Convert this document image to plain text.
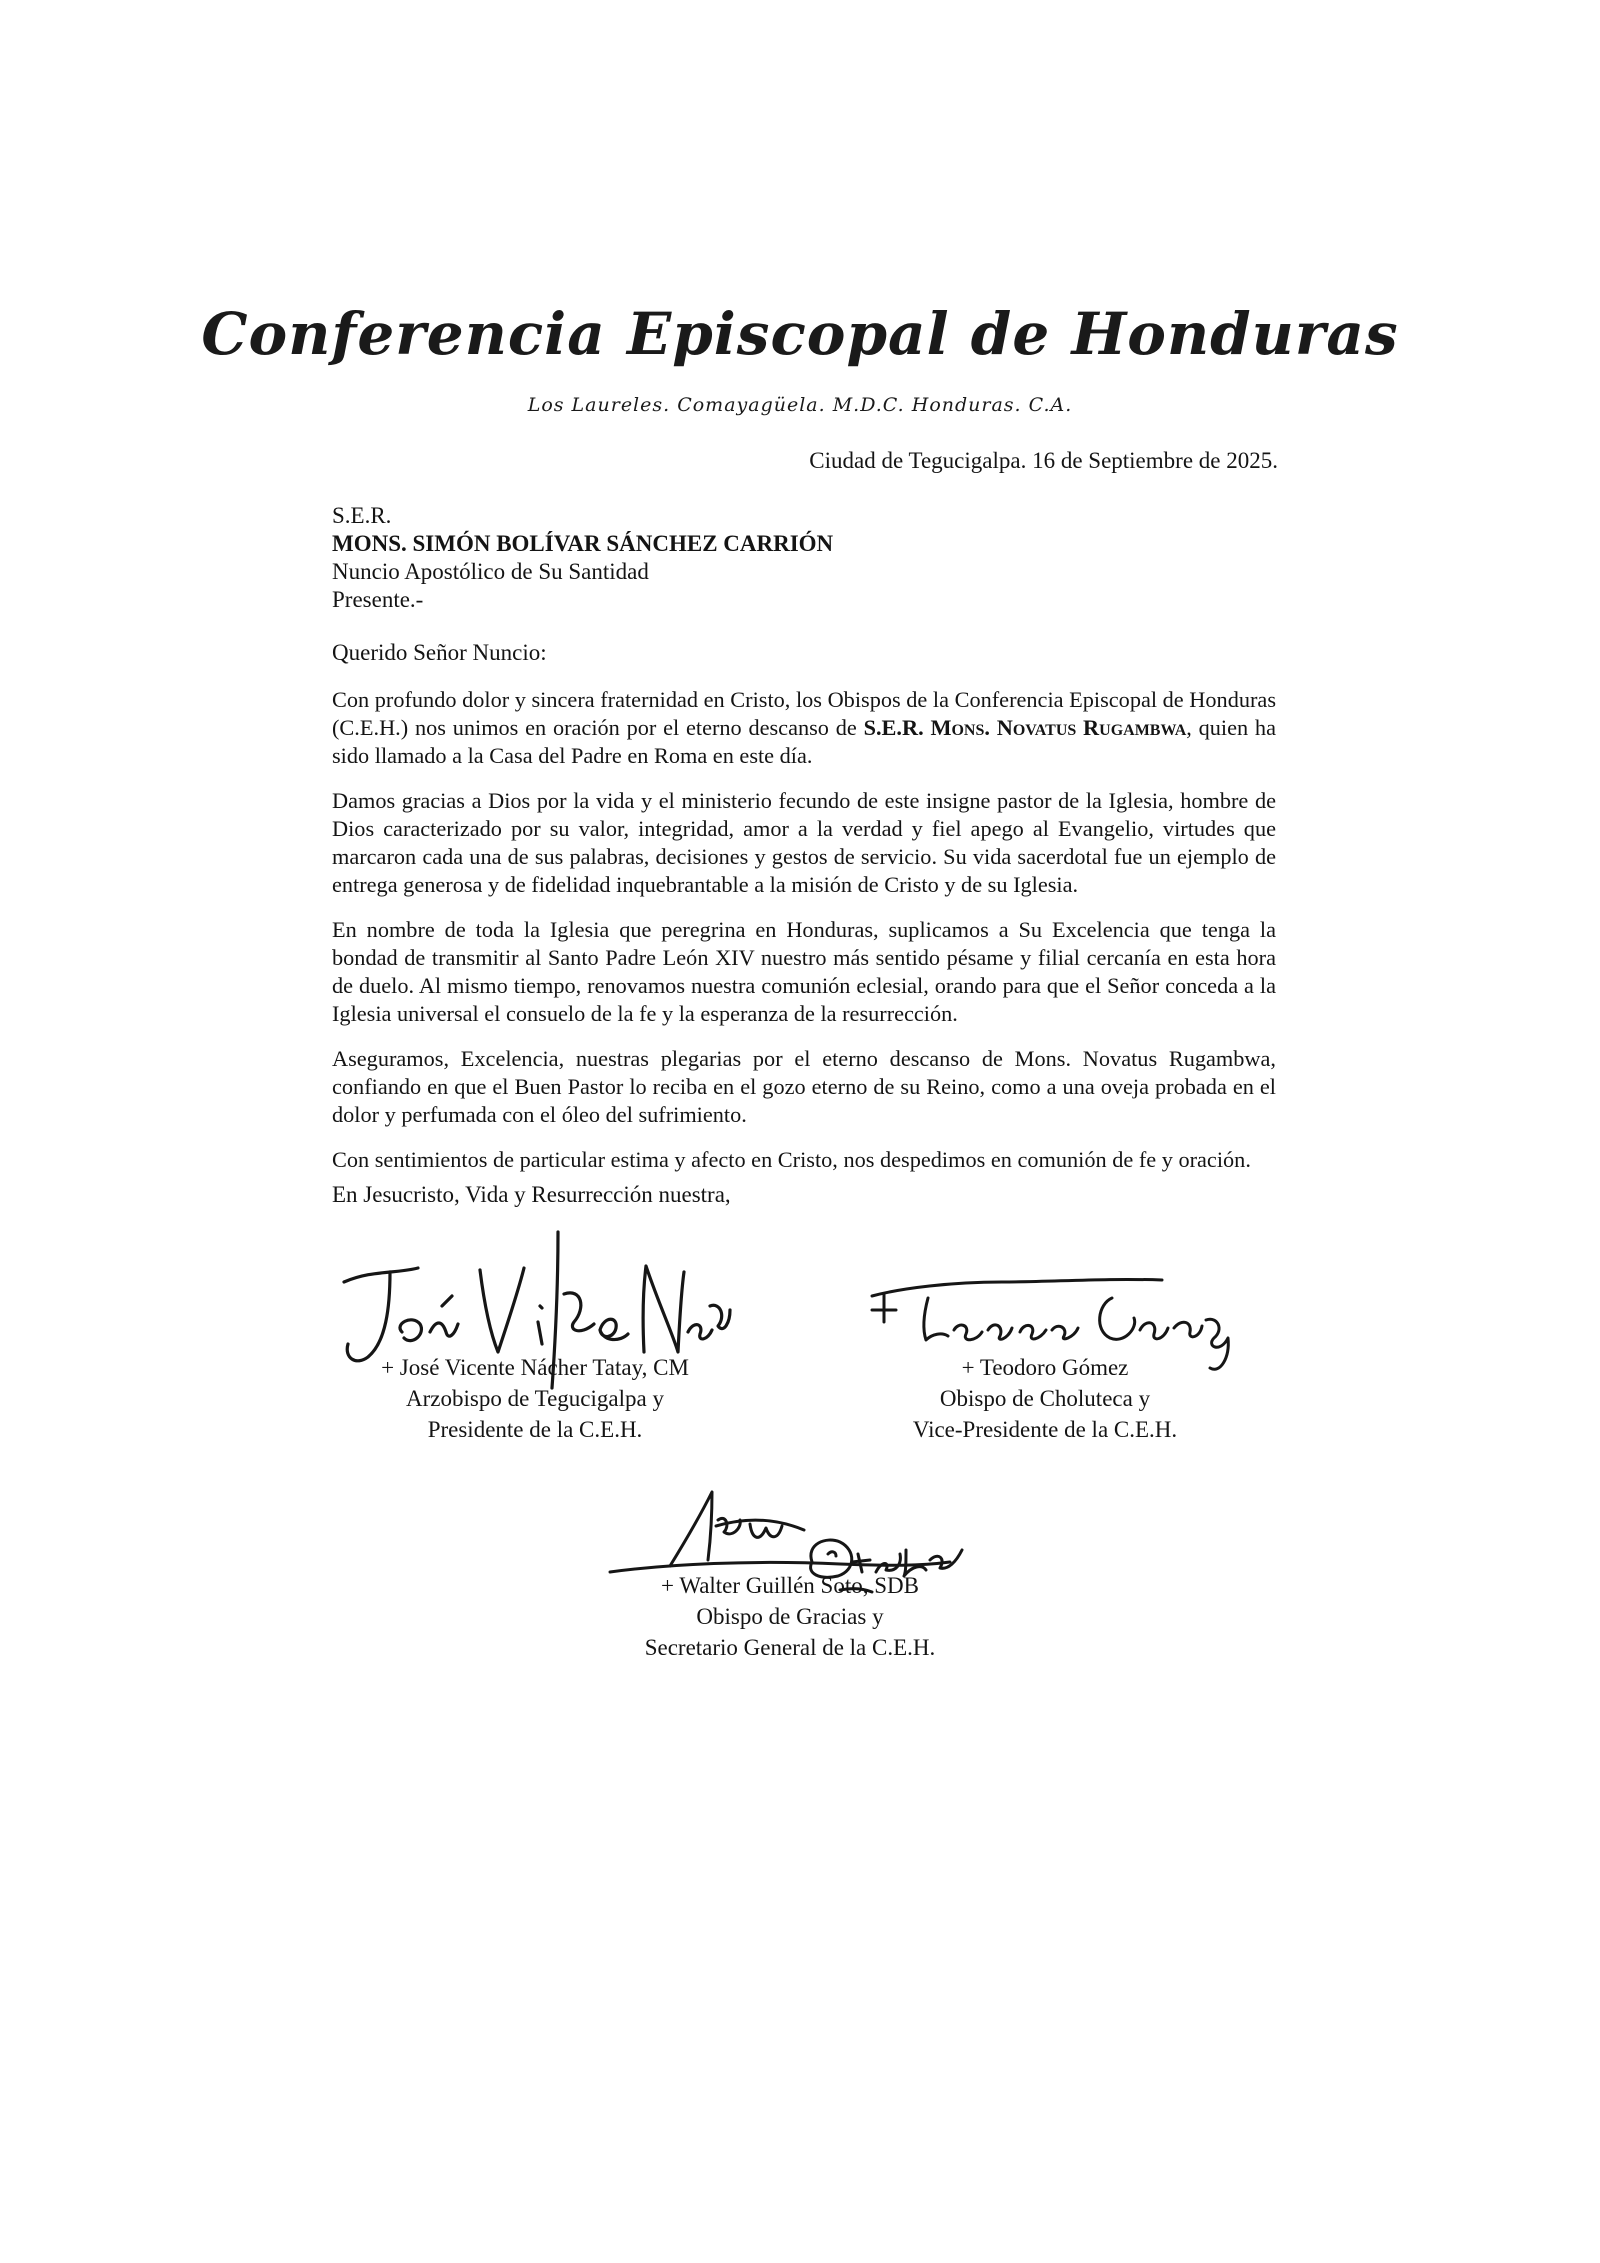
Conferencia Episcopal de Honduras
Los Laureles. Comayagüela. M.D.C. Honduras. C.A.
Ciudad de Tegucigalpa. 16 de Septiembre de 2025.
S.E.R.
MONS. SIMÓN BOLÍVAR SÁNCHEZ CARRIÓN
Nuncio Apostólico de Su Santidad
Presente.-
Querido Señor Nuncio:

Con profundo dolor y sincera fraternidad en Cristo, los Obispos de la Conferencia Episcopal de Honduras (C.E.H.) nos unimos en oración por el eterno descanso de S.E.R. Mons. Novatus Rugambwa, quien ha sido llamado a la Casa del Padre en Roma en este día.

Damos gracias a Dios por la vida y el ministerio fecundo de este insigne pastor de la Iglesia, hombre de Dios caracterizado por su valor, integridad, amor a la verdad y fiel apego al Evangelio, virtudes que marcaron cada una de sus palabras, decisiones y gestos de servicio. Su vida sacerdotal fue un ejemplo de entrega generosa y de fidelidad inquebrantable a la misión de Cristo y de su Iglesia.

En nombre de toda la Iglesia que peregrina en Honduras, suplicamos a Su Excelencia que tenga la bondad de transmitir al Santo Padre León XIV nuestro más sentido pésame y filial cercanía en esta hora de duelo. Al mismo tiempo, renovamos nuestra comunión eclesial, orando para que el Señor conceda a la Iglesia universal el consuelo de la fe y la esperanza de la resurrección.

Aseguramos, Excelencia, nuestras plegarias por el eterno descanso de Mons. Novatus Rugambwa, confiando en que el Buen Pastor lo reciba en el gozo eterno de su Reino, como a una oveja probada en el dolor y perfumada con el óleo del sufrimiento.

Con sentimientos de particular estima y afecto en Cristo, nos despedimos en comunión de fe y oración.

En Jesucristo, Vida y Resurrección nuestra,
+ José Vicente Nácher Tatay, CM
Arzobispo de Tegucigalpa y
Presidente de la C.E.H.
+ Teodoro Gómez
Obispo de Choluteca y
Vice-Presidente de la C.E.H.
+ Walter Guillén Soto, SDB
Obispo de Gracias y
Secretario General de la C.E.H.
